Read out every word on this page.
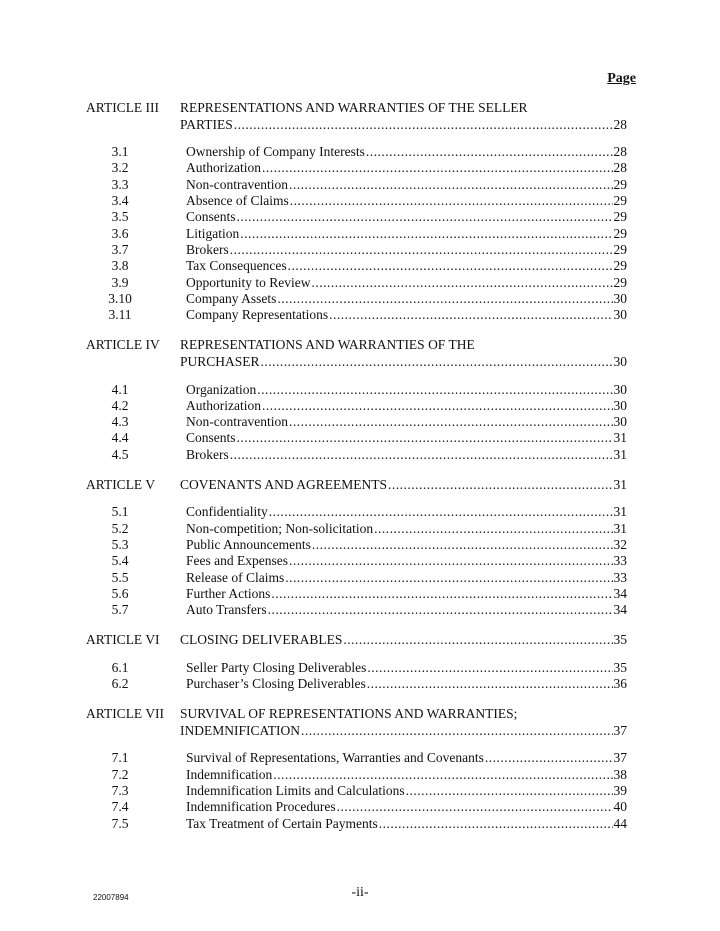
Page
ARTICLE III REPRESENTATIONS AND WARRANTIES OF THE SELLER
PARTIES .....	28
3.1	Ownership of Company Interests .....	28
3.2	Authorization .....	28
3.3	Non-contravention .....	29
3.4	Absence of Claims .....	29
3.5	Consents .....	29
3.6	Litigation .....	29
3.7	Brokers .....	29
3.8	Tax Consequences .....	29
3.9	Opportunity to Review .....	29
3.10	Company Assets .....	30
3.11	Company Representations .....	30
ARTICLE IV REPRESENTATIONS AND WARRANTIES OF THE
PURCHASER .....	30
4.1	Organization .....	30
4.2	Authorization .....	30
4.3	Non-contravention .....	30
4.4	Consents .....	31
4.5	Brokers .....	31
ARTICLE V COVENANTS AND AGREEMENTS .....	31
5.1	Confidentiality .....	31
5.2	Non-competition; Non-solicitation .....	31
5.3	Public Announcements .....	32
5.4	Fees and Expenses .....	33
5.5	Release of Claims .....	33
5.6	Further Actions .....	34
5.7	Auto Transfers .....	34
ARTICLE VI CLOSING DELIVERABLES .....	35
6.1	Seller Party Closing Deliverables .....	35
6.2	Purchaser’s Closing Deliverables .....	36
ARTICLE VII SURVIVAL OF REPRESENTATIONS AND WARRANTIES;
INDEMNIFICATION .....	37
7.1	Survival of Representations, Warranties and Covenants .....	37
7.2	Indemnification .....	38
7.3	Indemnification Limits and Calculations .....	39
7.4	Indemnification Procedures .....	40
7.5	Tax Treatment of Certain Payments .....	44
22007894	-ii-
